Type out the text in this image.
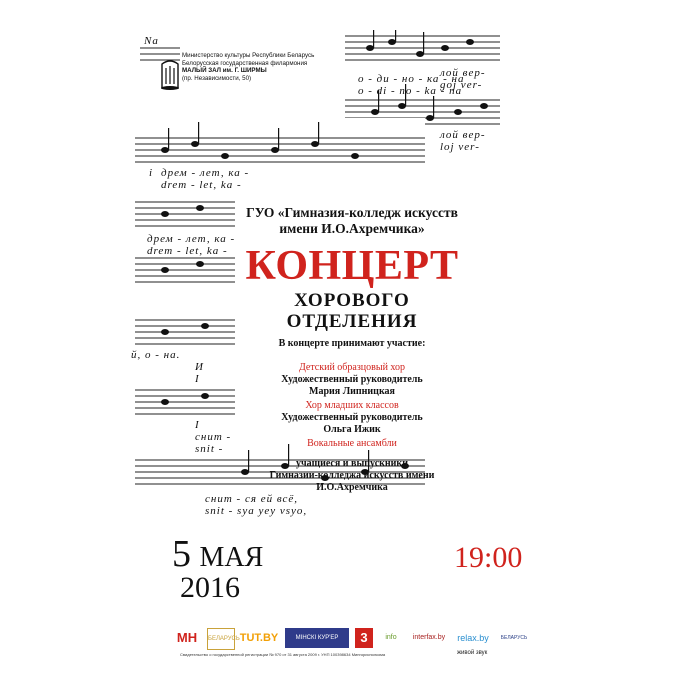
Na
лой вер-
goj ver-
о - ди - но - ка - на
o - di - no - ka - na
лой вер-
loj ver-
i дрем - лет, ка -
drem - let, ka -
дрем - лет, ка -
drem - let, ka -
й, о - на.
И
I
I
снит -
snit -
снит - ся ей всё,
snit - sya yey vsyo,
Министерство культуры Республики Беларусь
Белорусская государственная филармония
МАЛЫЙ ЗАЛ им. Г. ШИРМЫ
(пр. Независимости, 50)
ГУО «Гимназия-колледж искусств
имени И.О.Ахремчика»
КОНЦЕРТ
ХОРОВОГО
ОТДЕЛЕНИЯ
В концерте принимают участие:
Детский образцовый хор
Художественный руководитель
Мария Липницкая
Хор младших классов
Художественный руководитель
Ольга Ижик
Вокальные ансамбли
учащиеся и выпускники
Гимназии-колледжа искусств имени
И.О.Ахремчика
5 МАЯ
2016
19:00
МН	БЕЛАРУСЬ TUT.BY	МІНСКІ КУР'ЕР	3	info	interfax.by	relax.by	БЕЛАРУСЬ
живой звук
Свидетельство о государственной регистрации № 970 от 31 августа 2009 г. УНП 100398634 Мингорисполкома
